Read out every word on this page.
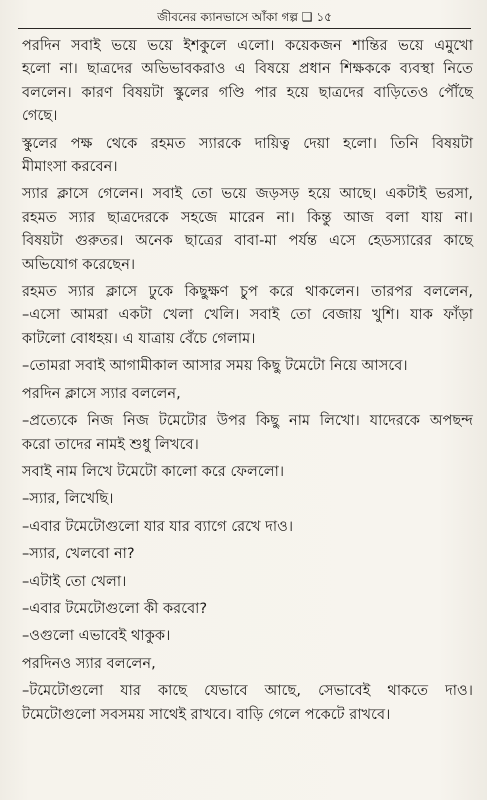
জীবনের ক্যানভাসে আঁকা গল্প ❑ ১৫
পরদিন সবাই ভয়ে ভয়ে ইশকুলে এলো। কয়েকজন শান্তির ভয়ে এমুখো
হলো না। ছাত্রদের অভিভাবকরাও এ বিষয়ে প্রধান শিক্ষককে ব্যবস্থা নিতে
বললেন। কারণ বিষয়টা স্কুলের গণ্ডি পার হয়ে ছাত্রদের বাড়িতেও পৌঁছে
গেছে।
স্কুলের পক্ষ থেকে রহমত স্যারকে দায়িত্ব দেয়া হলো। তিনি বিষয়টা
মীমাংসা করবেন।
স্যার ক্লাসে গেলেন। সবাই তো ভয়ে জড়সড় হয়ে আছে। একটাই ভরসা,
রহমত স্যার ছাত্রদেরকে সহজে মারেন না। কিন্তু আজ বলা যায় না।
বিষয়টা গুরুতর। অনেক ছাত্রের বাবা-মা পর্যন্ত এসে হেডস্যারের কাছে
অভিযোগ করেছেন।
রহমত স্যার ক্লাসে ঢুকে কিছুক্ষণ চুপ করে থাকলেন। তারপর বললেন,
–এসো আমরা একটা খেলা খেলি। সবাই তো বেজায় খুশি। যাক ফাঁড়া
কাটলো বোধহয়। এ যাত্রায় বেঁচে গেলাম।
–তোমরা সবাই আগামীকাল আসার সময় কিছু টমেটো নিয়ে আসবে।
পরদিন ক্লাসে স্যার বললেন,
–প্রত্যেকে নিজ নিজ টমেটোর উপর কিছু নাম লিখো। যাদেরকে অপছন্দ
করো তাদের নামই শুধু লিখবে।
সবাই নাম লিখে টমেটো কালো করে ফেললো।
–স্যার, লিখেছি।
–এবার টমেটোগুলো যার যার ব্যাগে রেখে দাও।
–স্যার, খেলবো না?
–এটাই তো খেলা।
–এবার টমেটোগুলো কী করবো?
–ওগুলো এভাবেই থাকুক।
পরদিনও স্যার বললেন,
–টমেটোগুলো যার কাছে যেভাবে আছে, সেভাবেই থাকতে দাও।
টমেটোগুলো সবসময় সাথেই রাখবে। বাড়ি গেলে পকেটে রাখবে।
